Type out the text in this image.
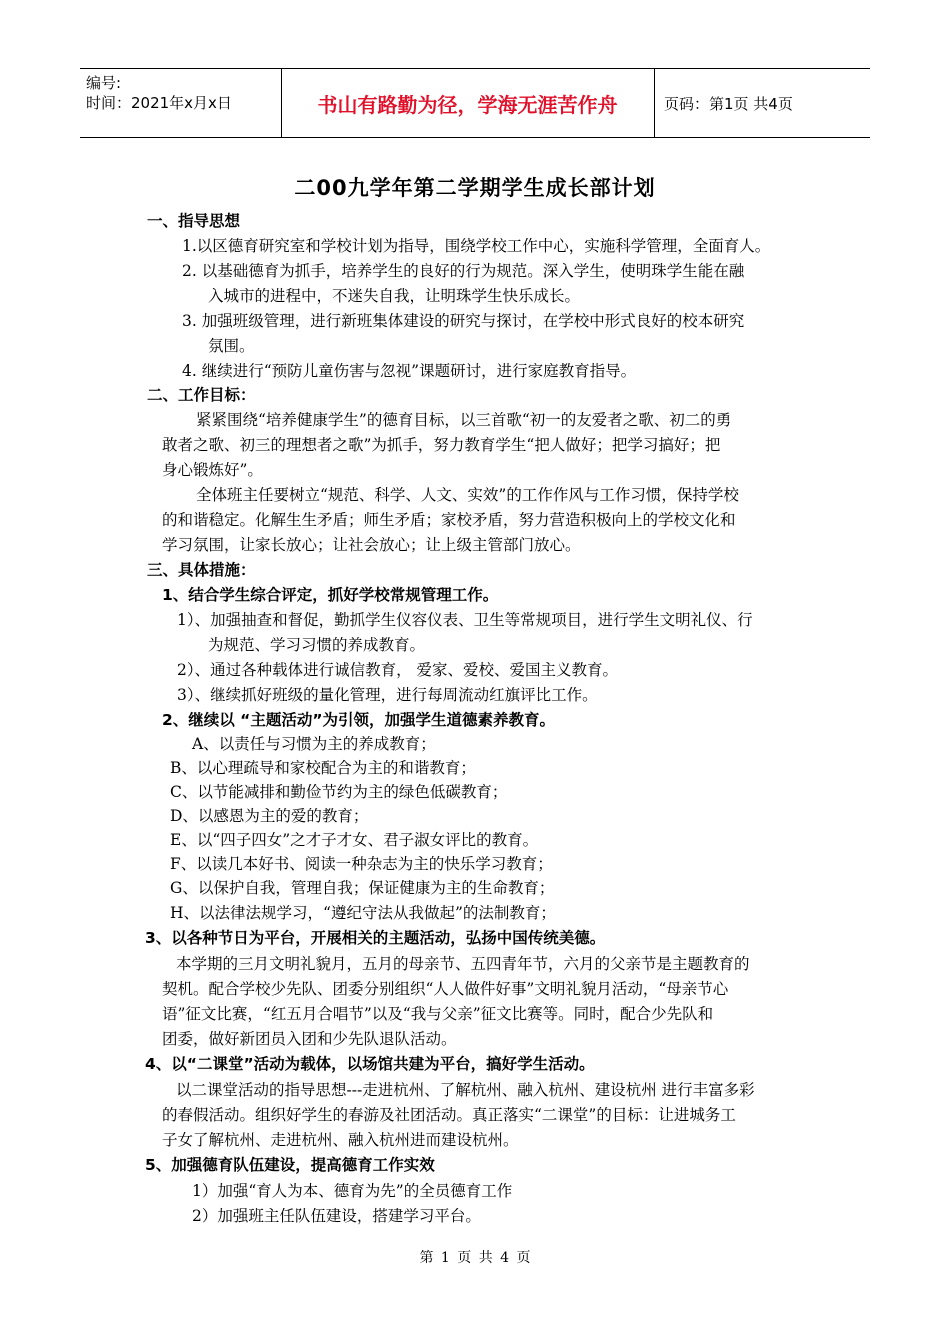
编号:
时间：2021年x月x日	书山有路勤为径，学海无涯苦作舟	页码：第1页 共4页
二00九学年第二学期学生成长部计划
一、指导思想
1.以区德育研究室和学校计划为指导，围绕学校工作中心，实施科学管理，全面育人。
2. 以基础德育为抓手，培养学生的良好的行为规范。深入学生，使明珠学生能在融
入城市的进程中，不迷失自我，让明珠学生快乐成长。
3. 加强班级管理，进行新班集体建设的研究与探讨，在学校中形式良好的校本研究
氛围。
4. 继续进行“预防儿童伤害与忽视”课题研讨，进行家庭教育指导。
二、工作目标：
紧紧围绕“培养健康学生”的德育目标，以三首歌“初一的友爱者之歌、初二的勇
敢者之歌、初三的理想者之歌”为抓手，努力教育学生“把人做好；把学习搞好；把
身心锻炼好”。
全体班主任要树立“规范、科学、人文、实效”的工作作风与工作习惯，保持学校
的和谐稳定。化解生生矛盾；师生矛盾；家校矛盾，努力营造积极向上的学校文化和
学习氛围，让家长放心；让社会放心；让上级主管部门放心。
三、具体措施：
1、结合学生综合评定，抓好学校常规管理工作。
1）、加强抽查和督促，勤抓学生仪容仪表、卫生等常规项目，进行学生文明礼仪、行
为规范、学习习惯的养成教育。
2）、通过各种载体进行诚信教育， 爱家、爱校、爱国主义教育。
3）、继续抓好班级的量化管理，进行每周流动红旗评比工作。
2、继续以 “主题活动”为引领，加强学生道德素养教育。
A、以责任与习惯为主的养成教育；
B、以心理疏导和家校配合为主的和谐教育；
C、以节能减排和勤俭节约为主的绿色低碳教育；
D、以感恩为主的爱的教育；
E、以“四子四女”之才子才女、君子淑女评比的教育。
F、以读几本好书、阅读一种杂志为主的快乐学习教育；
G、以保护自我，管理自我；保证健康为主的生命教育；
H、以法律法规学习，“遵纪守法从我做起”的法制教育；
3、以各种节日为平台，开展相关的主题活动，弘扬中国传统美德。
本学期的三月文明礼貌月，五月的母亲节、五四青年节，六月的父亲节是主题教育的
契机。配合学校少先队、团委分别组织“人人做件好事”文明礼貌月活动，“母亲节心
语”征文比赛，“红五月合唱节”以及“我与父亲”征文比赛等。同时，配合少先队和
团委，做好新团员入团和少先队退队活动。
4、以“二课堂”活动为载体，以场馆共建为平台，搞好学生活动。
以二课堂活动的指导思想---走进杭州、了解杭州、融入杭州、建设杭州 进行丰富多彩
的春假活动。组织好学生的春游及社团活动。真正落实“二课堂”的目标：让进城务工
子女了解杭州、走进杭州、融入杭州进而建设杭州。
5、加强德育队伍建设，提高德育工作实效
1）加强“育人为本、德育为先”的全员德育工作
2）加强班主任队伍建设，搭建学习平台。
第 1 页 共 4 页
